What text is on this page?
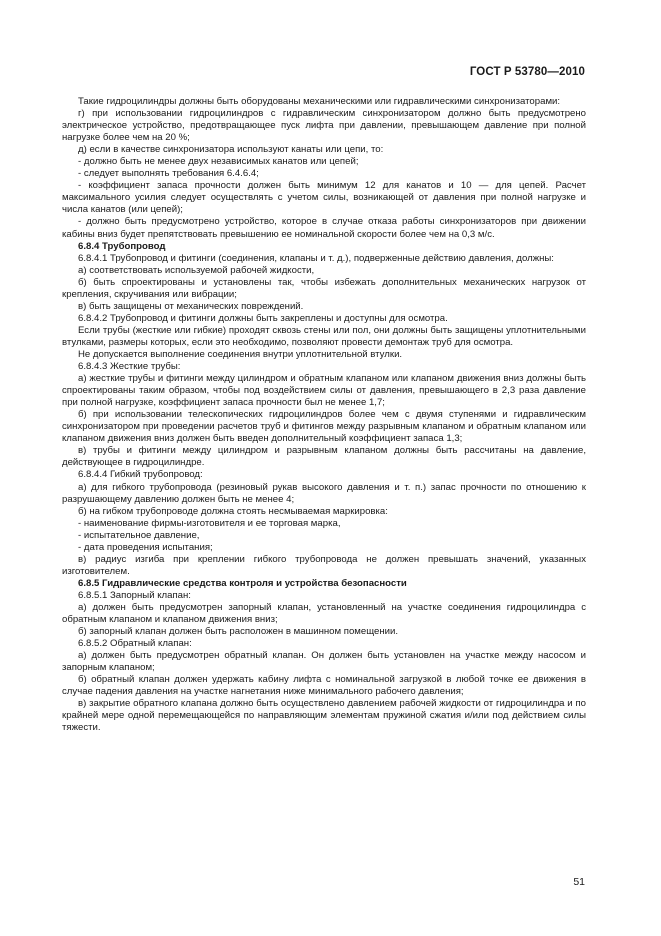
ГОСТ Р 53780—2010

Такие гидроцилиндры должны быть оборудованы механическими или гидравлическими синхронизаторами:

г) при использовании гидроцилиндров с гидравлическим синхронизатором должно быть предусмотрено электрическое устройство, предотвращающее пуск лифта при давлении, превышающем давление при полной нагрузке более чем на 20 %;

д) если в качестве синхронизатора используют канаты или цепи, то:

- должно быть не менее двух независимых канатов или цепей;

- следует выполнять требования 6.4.6.4;

- коэффициент запаса прочности должен быть минимум 12 для канатов и 10 — для цепей. Расчет максимального усилия следует осуществлять с учетом силы, возникающей от давления при полной нагрузке и числа канатов (или цепей);

- должно быть предусмотрено устройство, которое в случае отказа работы синхронизаторов при движении кабины вниз будет препятствовать превышению ее номинальной скорости более чем на 0,3 м/с.

6.8.4 Трубопровод

6.8.4.1 Трубопровод и фитинги (соединения, клапаны и т. д.), подверженные действию давления, должны:

а) соответствовать используемой рабочей жидкости,

б) быть спроектированы и установлены так, чтобы избежать дополнительных механических нагрузок от крепления, скручивания или вибрации;

в) быть защищены от механических повреждений.

6.8.4.2 Трубопровод и фитинги должны быть закреплены и доступны для осмотра.

Если трубы (жесткие или гибкие) проходят сквозь стены или пол, они должны быть защищены уплотнительными втулками, размеры которых, если это необходимо, позволяют провести демонтаж труб для осмотра.

Не допускается выполнение соединения внутри уплотнительной втулки.

6.8.4.3 Жесткие трубы:

а) жесткие трубы и фитинги между цилиндром и обратным клапаном или клапаном движения вниз должны быть спроектированы таким образом, чтобы под воздействием силы от давления, превышающего в 2,3 раза давление при полной нагрузке, коэффициент запаса прочности был не менее 1,7;

б) при использовании телескопических гидроцилиндров более чем с двумя ступенями и гидравлическим синхронизатором при проведении расчетов труб и фитингов между разрывным клапаном и обратным клапаном или клапаном движения вниз должен быть введен дополнительный коэффициент запаса 1,3;

в) трубы и фитинги между цилиндром и разрывным клапаном должны быть рассчитаны на давление, действующее в гидроцилиндре.

6.8.4.4 Гибкий трубопровод:

а) для гибкого трубопровода (резиновый рукав высокого давления и т. п.) запас прочности по отношению к разрушающему давлению должен быть не менее 4;

б) на гибком трубопроводе должна стоять несмываемая маркировка:

- наименование фирмы-изготовителя и ее торговая марка,

- испытательное давление,

- дата проведения испытания;

в) радиус изгиба при креплении гибкого трубопровода не должен превышать значений, указанных изготовителем.

6.8.5 Гидравлические средства контроля и устройства безопасности

6.8.5.1 Запорный клапан:

а) должен быть предусмотрен запорный клапан, установленный на участке соединения гидроцилиндра с обратным клапаном и клапаном движения вниз;

б) запорный клапан должен быть расположен в машинном помещении.

6.8.5.2 Обратный клапан:

а) должен быть предусмотрен обратный клапан. Он должен быть установлен на участке между насосом и запорным клапаном;

б) обратный клапан должен удержать кабину лифта с номинальной загрузкой в любой точке ее движения в случае падения давления на участке нагнетания ниже минимального рабочего давления;

в) закрытие обратного клапана должно быть осуществлено давлением рабочей жидкости от гидроцилиндра и по крайней мере одной перемещающейся по направляющим элементам пружиной сжатия и/или под действием силы тяжести.

51
